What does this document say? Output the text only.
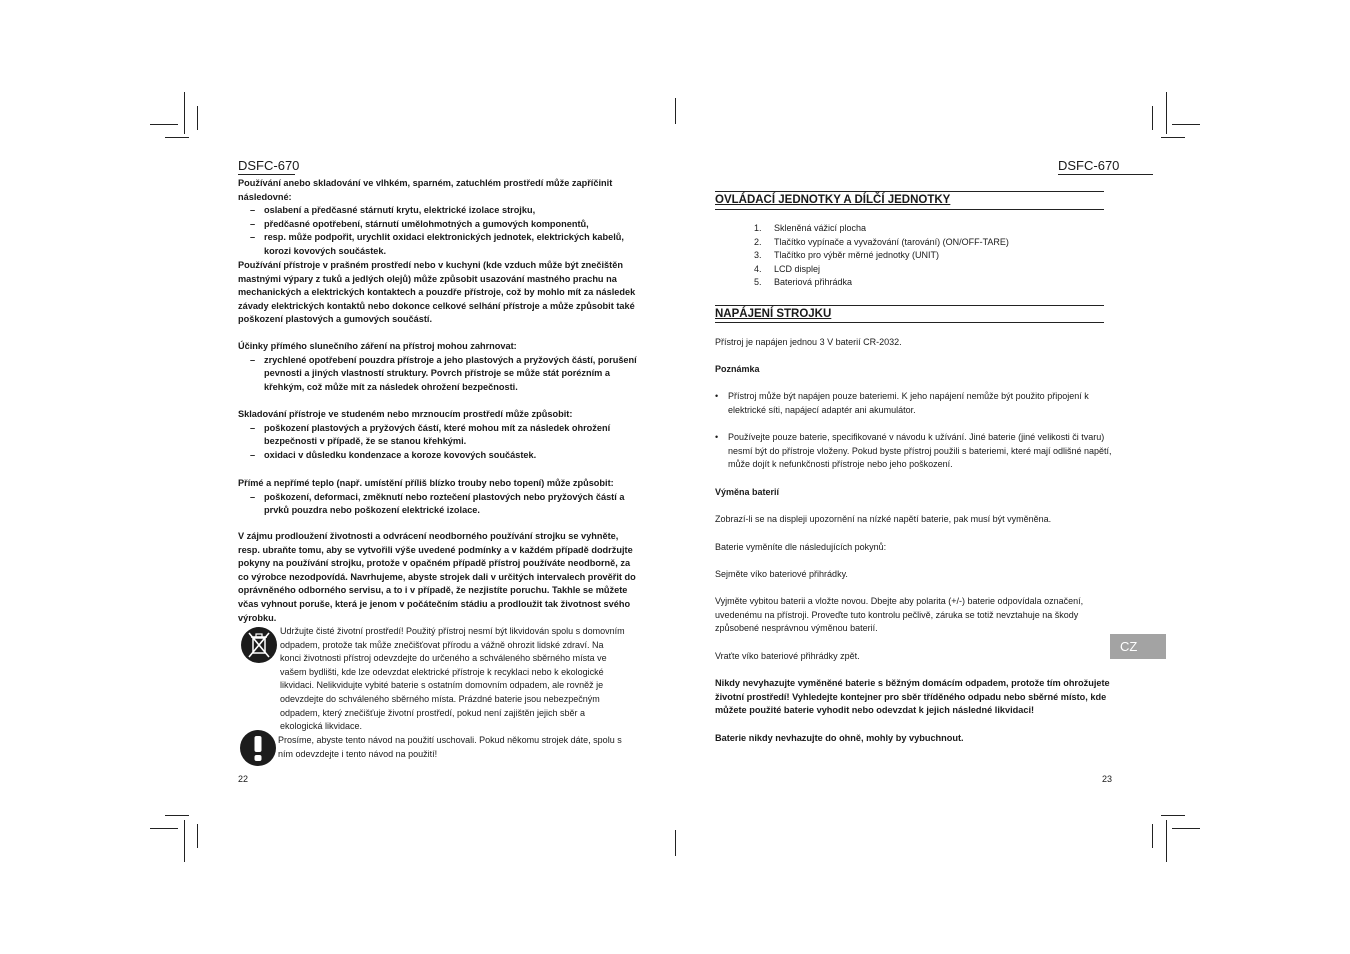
DSFC-670

Používání anebo skladování ve vlhkém, sparném, zatuchlém prostředí může zapříčinit následovné:

– oslabení a předčasné stárnutí krytu, elektrické izolace strojku,
– předčasné opotřebení, stárnutí umělohmotných a gumových komponentů,
– resp. může podpořit, urychlit oxidaci elektronických jednotek, elektrických kabelů, korozi kovových součástek.

Používání přístroje v prašném prostředí nebo v kuchyni (kde vzduch může být znečištěn mastnými výpary z tuků a jedlých olejů) může způsobit usazování mastného prachu na mechanických a elektrických kontaktech a pouzdře přístroje, což by mohlo mít za následek závady elektrických kontaktů nebo dokonce celkové selhání přístroje a může způsobit také poškození plastových a gumových součástí.

Účinky přímého slunečního záření na přístroj mohou zahrnovat:

– zrychlené opotřebení pouzdra přístroje a jeho plastových a pryžových částí, porušení pevnosti a jiných vlastností struktury. Povrch přístroje se může stát porézním a křehkým, což může mít za následek ohrožení bezpečnosti.

Skladování přístroje ve studeném nebo mrznoucím prostředí může způsobit:

– poškození plastových a pryžových částí, které mohou mít za následek ohrožení bezpečnosti v případě, že se stanou křehkými.
– oxidaci v důsledku kondenzace a koroze kovových součástek.

Přímé a nepřímé teplo (např. umístění příliš blízko trouby nebo topení) může způsobit:

– poškození, deformaci, změknutí nebo roztečení plastových nebo pryžových částí a prvků pouzdra nebo poškození elektrické izolace.

V zájmu prodloužení životnosti a odvrácení neodborného používání strojku se vyhněte, resp. ubraňte tomu, aby se vytvořili výše uvedené podmínky a v každém případě dodržujte pokyny na používání strojku, protože v opačném případě přístroj používáte neodborně, za co výrobce nezodpovídá. Navrhujeme, abyste strojek dali v určitých intervalech prověřit do oprávněného odborného servisu, a to i v případě, že nezjistíte poruchu. Takhle se můžete včas vyhnout poruše, která je jenom v počátečním stádiu a prodloužit tak životnost svého výrobku.

Udržujte čisté životní prostředí! Použitý přístroj nesmí být likvidován spolu s domovním odpadem, protože tak může znečišťovat přírodu a vážně ohrozit lidské zdraví. Na konci životnosti přístroj odevzdejte do určeného a schváleného sběrného místa ve vašem bydlišti, kde lze odevzdat elektrické přístroje k recyklaci nebo k ekologické likvidaci. Nelikvidujte vybité baterie s ostatním domovním odpadem, ale rovněž je odevzdejte do schváleného sběrného místa. Prázdné baterie jsou nebezpečným odpadem, který znečišťuje životní prostředí, pokud není zajištěn jejich sběr a ekologická likvidace.
Prosíme, abyste tento návod na použití uschovali. Pokud někomu strojek dáte, spolu s ním odevzdejte i tento návod na použití!
22
DSFC-670
OVLÁDACÍ JEDNOTKY A DÍLČÍ JEDNOTKY
1. Skleněná vážicí plocha
2. Tlačítko vypínače a vyvažování (tarování) (ON/OFF-TARE)
3. Tlačítko pro výběr měrné jednotky (UNIT)
4. LCD displej
5. Bateriová přihrádka
NAPÁJENÍ STROJKU
Přístroj je napájen jednou 3 V baterií CR-2032.
Poznámka
• Přístroj může být napájen pouze bateriemi. K jeho napájení nemůže být použito připojení k elektrické síti, napájecí adaptér ani akumulátor.
• Používejte pouze baterie, specifikované v návodu k užívání. Jiné baterie (jiné velikosti či tvaru) nesmí být do přístroje vloženy. Pokud byste přístroj použili s bateriemi, které mají odlišné napětí, může dojít k nefunkčnosti přístroje nebo jeho poškození.
Výměna baterií
Zobrazí-li se na displeji upozornění na nízké napětí baterie, pak musí být vyměněna.
Baterie vyměníte dle následujících pokynů:
Sejměte víko bateriové přihrádky.
Vyjměte vybitou baterii a vložte novou. Dbejte aby polarita (+/-) baterie odpovídala označení, uvedenému na přístroji. Proveďte tuto kontrolu pečlivě, záruka se totiž nevztahuje na škody způsobené nesprávnou výměnou baterií.
Vraťte víko bateriové přihrádky zpět.
Nikdy nevyhazujte vyměněné baterie s běžným domácím odpadem, protože tím ohrožujete životní prostředí! Vyhledejte kontejner pro sběr tříděného odpadu nebo sběrné místo, kde můžete použité baterie vyhodit nebo odevzdat k jejich následné likvidaci!
Baterie nikdy nevhazujte do ohně, mohly by vybuchnout.
23
CZ
